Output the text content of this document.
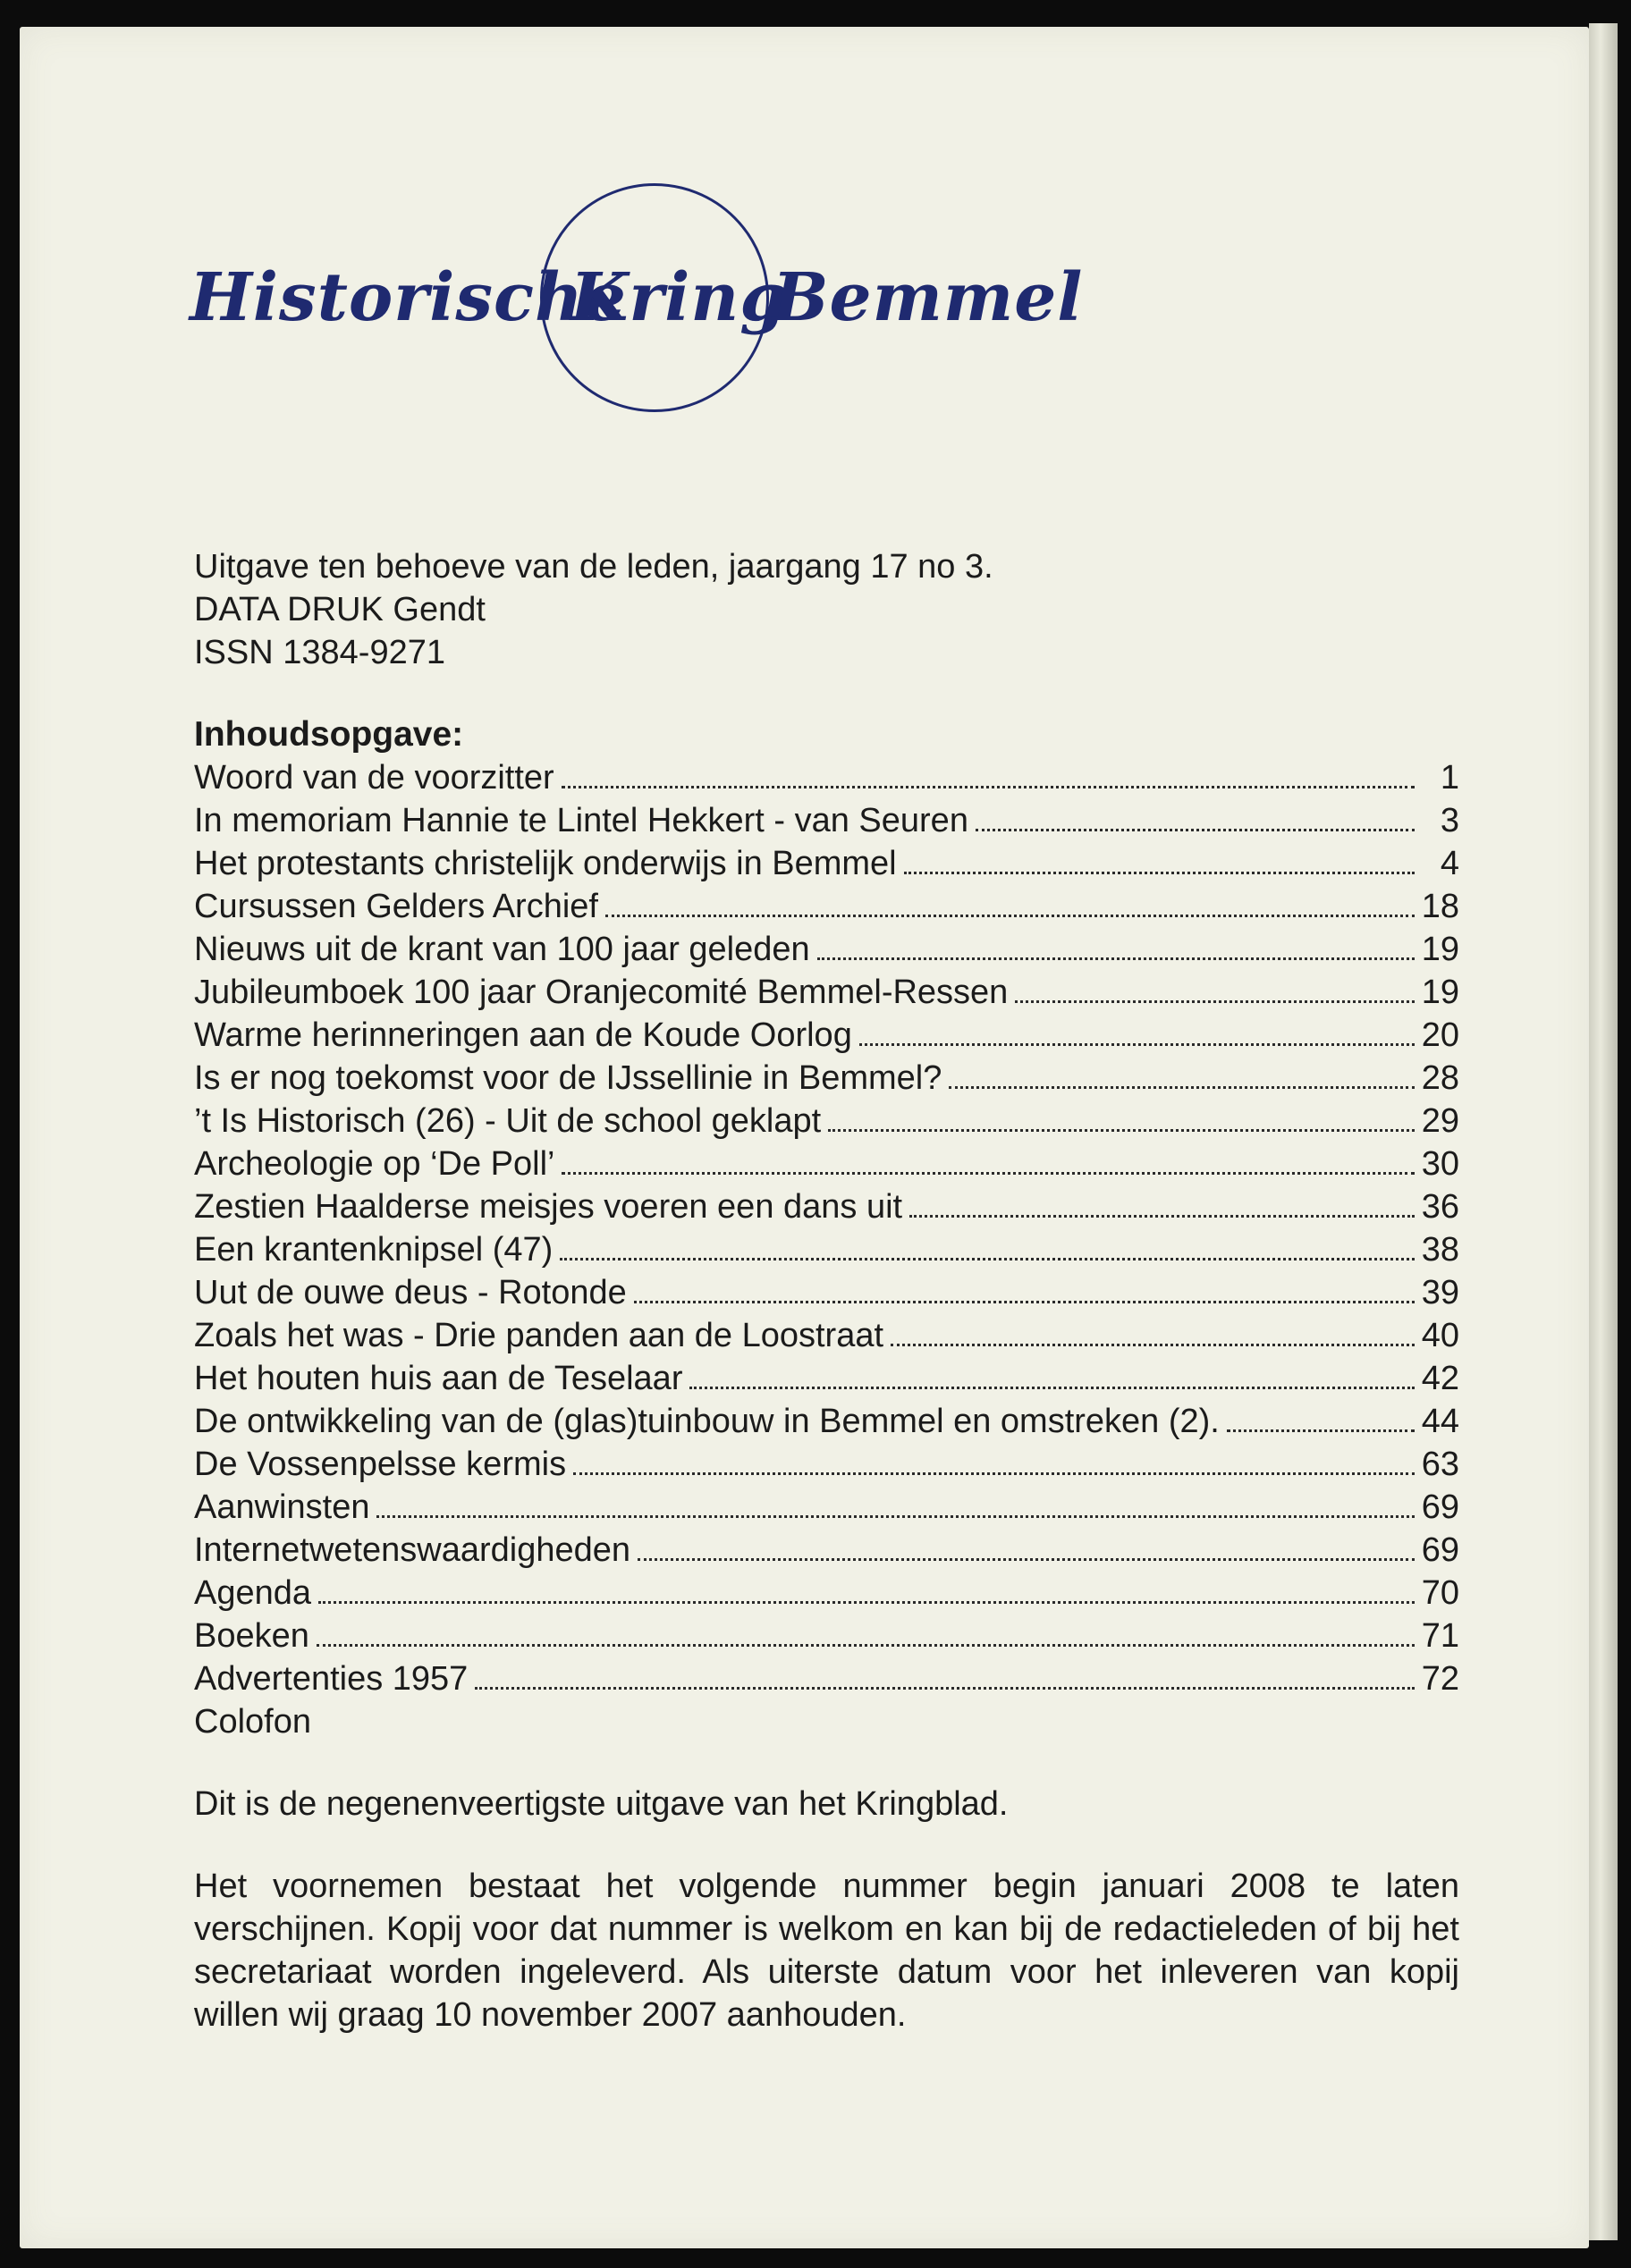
Historische
Kring
Bemmel
Uitgave ten behoeve van de leden, jaargang 17 no 3.
DATA DRUK Gendt
ISSN 1384-9271
Inhoudsopgave:
Woord van de voorzitter	1
In memoriam Hannie te Lintel Hekkert - van Seuren	3
Het protestants christelijk onderwijs in Bemmel	4
Cursussen Gelders Archief	18
Nieuws uit de krant van 100 jaar geleden	19
Jubileumboek 100 jaar Oranjecomité Bemmel-Ressen	19
Warme herinneringen aan de Koude Oorlog	20
Is er nog toekomst voor de IJssellinie in Bemmel?	28
’t Is Historisch (26) - Uit de school geklapt	29
Archeologie op ‘De Poll’	30
Zestien Haalderse meisjes voeren een dans uit	36
Een krantenknipsel (47)	38
Uut de ouwe deus - Rotonde	39
Zoals het was - Drie panden aan de Loostraat	40
Het houten huis aan de Teselaar	42
De ontwikkeling van de (glas)tuinbouw in Bemmel en omstreken (2).	44
De Vossenpelsse kermis	63
Aanwinsten	69
Internetwetenswaardigheden	69
Agenda	70
Boeken	71
Advertenties 1957	72
Colofon

Dit is de negenenveertigste uitgave van het Kringblad.

Het voornemen bestaat het volgende nummer begin januari 2008 te laten verschijnen. Kopij voor dat nummer is welkom en kan bij de redactieleden of bij het secretariaat worden ingeleverd. Als uiterste datum voor het inleveren van kopij willen wij graag 10 november 2007 aanhouden.
